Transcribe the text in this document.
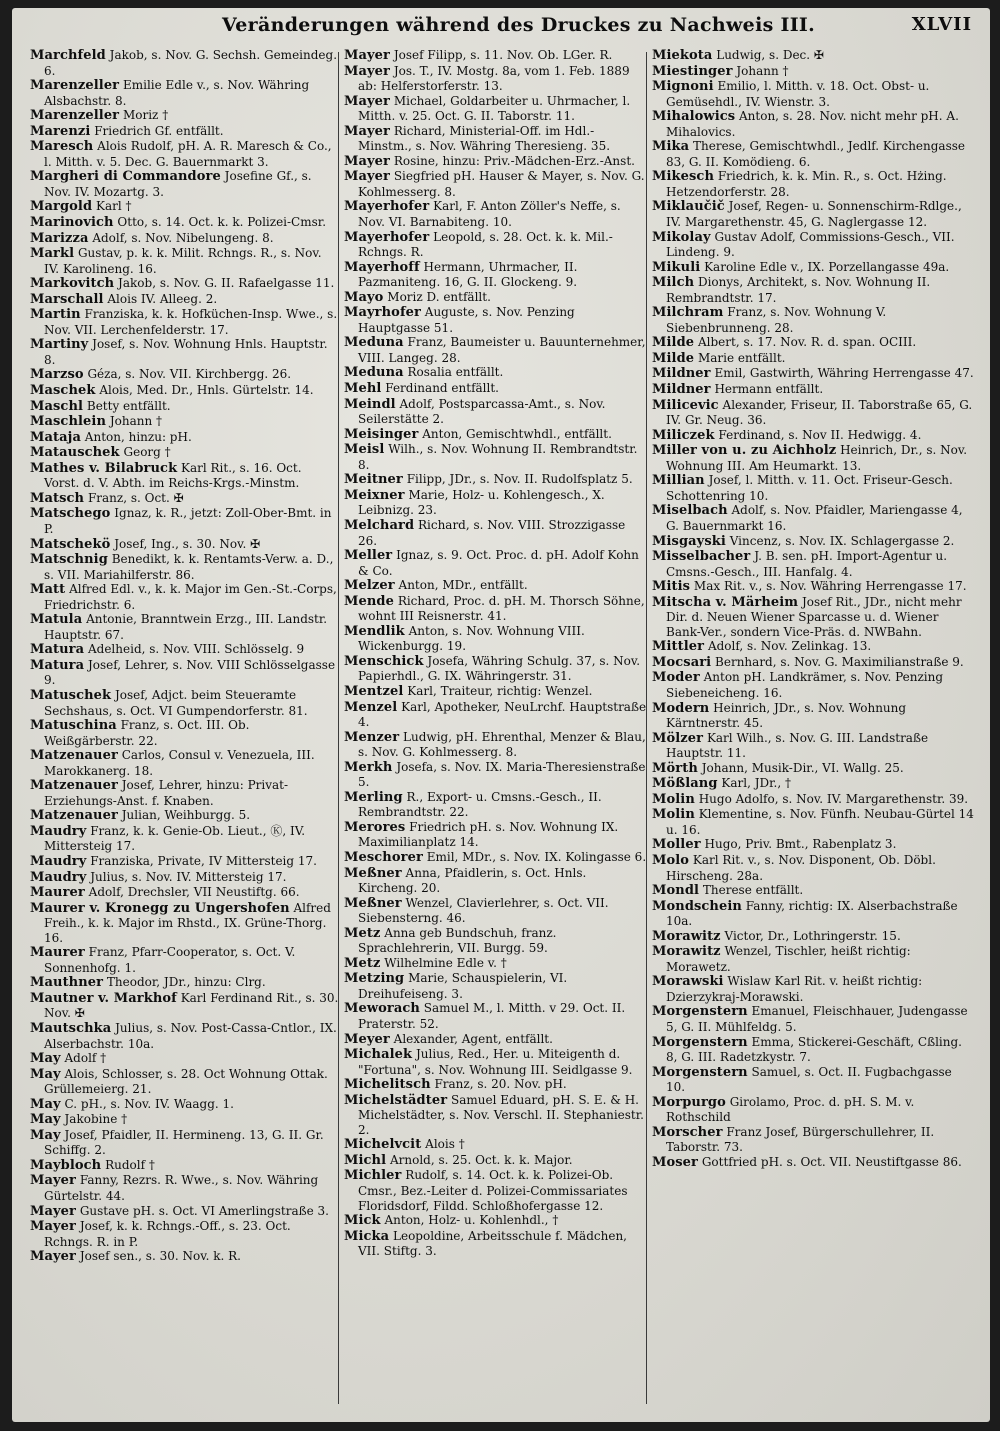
Veränderungen während des Druckes zu Nachweis III.	XLVII

Marchfeld Jakob, s. Nov. G. Sechsh. Gemeindeg. 6.

Marenzeller Emilie Edle v., s. Nov. Währing Alsbachstr. 8.

Marenzeller Moriz †

Marenzi Friedrich Gf. entfällt.

Maresch Alois Rudolf, pH. A. R. Maresch & Co., l. Mitth. v. 5. Dec. G. Bauernmarkt 3.

Margheri di Commandore Josefine Gf., s. Nov. IV. Mozartg. 3.

Margold Karl †

Marinovich Otto, s. 14. Oct. k. k. Polizei-Cmsr.

Marizza Adolf, s. Nov. Nibelungeng. 8.

Markl Gustav, p. k. k. Milit. Rchngs. R., s. Nov. IV. Karolineng. 16.

Markovitch Jakob, s. Nov. G. II. Rafaelgasse 11.

Marschall Alois IV. Alleeg. 2.

Martin Franziska, k. k. Hofküchen-Insp. Wwe., s. Nov. VII. Lerchenfelderstr. 17.

Martiny Josef, s. Nov. Wohnung Hnls. Hauptstr. 8.

Marzso Géza, s. Nov. VII. Kirchbergg. 26.

Maschek Alois, Med. Dr., Hnls. Gürtelstr. 14.

Maschl Betty entfällt.

Maschlein Johann †

Mataja Anton, hinzu: pH.

Matauschek Georg †

Mathes v. Bilabruck Karl Rit., s. 16. Oct. Vorst. d. V. Abth. im Reichs-Krgs.-Minstm.

Matsch Franz, s. Oct. ✠

Matschego Ignaz, k. R., jetzt: Zoll-Ober-Bmt. in P.

Matschekö Josef, Ing., s. 30. Nov. ✠

Matschnig Benedikt, k. k. Rentamts-Verw. a. D., s. VII. Mariahilferstr. 86.

Matt Alfred Edl. v., k. k. Major im Gen.-St.-Corps, Friedrichstr. 6.

Matula Antonie, Branntwein Erzg., III. Landstr. Hauptstr. 67.

Matura Adelheid, s. Nov. VIII. Schlösselg. 9

Matura Josef, Lehrer, s. Nov. VIII Schlösselgasse 9.

Matuschek Josef, Adjct. beim Steueramte Sechshaus, s. Oct. VI Gumpendorferstr. 81.

Matuschina Franz, s. Oct. III. Ob. Weißgärberstr. 22.

Matzenauer Carlos, Consul v. Venezuela, III. Marokkanerg. 18.

Matzenauer Josef, Lehrer, hinzu: Privat-Erziehungs-Anst. f. Knaben.

Matzenauer Julian, Weihburgg. 5.

Maudry Franz, k. k. Genie-Ob. Lieut., Ⓚ, IV. Mittersteig 17.

Maudry Franziska, Private, IV Mittersteig 17.

Maudry Julius, s. Nov. IV. Mittersteig 17.

Maurer Adolf, Drechsler, VII Neustiftg. 66.

Maurer v. Kronegg zu Ungershofen Alfred Freih., k. k. Major im Rhstd., IX. Grüne-Thorg. 16.

Maurer Franz, Pfarr-Cooperator, s. Oct. V. Sonnenhofg. 1.

Mauthner Theodor, JDr., hinzu: Clrg.

Mautner v. Markhof Karl Ferdinand Rit., s. 30. Nov. ✠

Mautschka Julius, s. Nov. Post-Cassa-Cntlor., IX. Alserbachstr. 10a.

May Adolf †

May Alois, Schlosser, s. 28. Oct Wohnung Ottak. Grüllemeierg. 21.

May C. pH., s. Nov. IV. Waagg. 1.

May Jakobine †

May Josef, Pfaidler, II. Hermineng. 13, G. II. Gr. Schiffg. 2.

Maybloch Rudolf †

Mayer Fanny, Rezrs. R. Wwe., s. Nov. Währing Gürtelstr. 44.

Mayer Gustave pH. s. Oct. VI Amerlingstraße 3.

Mayer Josef, k. k. Rchngs.-Off., s. 23. Oct. Rchngs. R. in P.

Mayer Josef sen., s. 30. Nov. k. R.

Mayer Josef Filipp, s. 11. Nov. Ob. LGer. R.

Mayer Jos. T., IV. Mostg. 8a, vom 1. Feb. 1889 ab: Helferstorferstr. 13.

Mayer Michael, Goldarbeiter u. Uhrmacher, l. Mitth. v. 25. Oct. G. II. Taborstr. 11.

Mayer Richard, Ministerial-Off. im Hdl.-Minstm., s. Nov. Währing Theresieng. 35.

Mayer Rosine, hinzu: Priv.-Mädchen-Erz.-Anst.

Mayer Siegfried pH. Hauser & Mayer, s. Nov. G. Kohlmesserg. 8.

Mayerhofer Karl, F. Anton Zöller's Neffe, s. Nov. VI. Barnabiteng. 10.

Mayerhofer Leopold, s. 28. Oct. k. k. Mil.-Rchngs. R.

Mayerhoff Hermann, Uhrmacher, II. Pazmaniteng. 16, G. II. Glockeng. 9.

Mayo Moriz D. entfällt.

Mayrhofer Auguste, s. Nov. Penzing Hauptgasse 51.

Meduna Franz, Baumeister u. Bauunternehmer, VIII. Langeg. 28.

Meduna Rosalia entfällt.

Mehl Ferdinand entfällt.

Meindl Adolf, Postsparcassa-Amt., s. Nov. Seilerstätte 2.

Meisinger Anton, Gemischtwhdl., entfällt.

Meisl Wilh., s. Nov. Wohnung II. Rembrandtstr. 8.

Meitner Filipp, JDr., s. Nov. II. Rudolfsplatz 5.

Meixner Marie, Holz- u. Kohlengesch., X. Leibnizg. 23.

Melchard Richard, s. Nov. VIII. Strozzigasse 26.

Meller Ignaz, s. 9. Oct. Proc. d. pH. Adolf Kohn & Co.

Melzer Anton, MDr., entfällt.

Mende Richard, Proc. d. pH. M. Thorsch Söhne, wohnt III Reisnerstr. 41.

Mendlik Anton, s. Nov. Wohnung VIII. Wickenburgg. 19.

Menschick Josefa, Währing Schulg. 37, s. Nov. Papierhdl., G. IX. Währingerstr. 31.

Mentzel Karl, Traiteur, richtig: Wenzel.

Menzel Karl, Apotheker, NeuLrchf. Hauptstraße 4.

Menzer Ludwig, pH. Ehrenthal, Menzer & Blau, s. Nov. G. Kohlmesserg. 8.

Merkh Josefa, s. Nov. IX. Maria-Theresienstraße 5.

Merling R., Export- u. Cmsns.-Gesch., II. Rembrandtstr. 22.

Merores Friedrich pH. s. Nov. Wohnung IX. Maximilianplatz 14.

Meschorer Emil, MDr., s. Nov. IX. Kolingasse 6.

Meßner Anna, Pfaidlerin, s. Oct. Hnls. Kircheng. 20.

Meßner Wenzel, Clavierlehrer, s. Oct. VII. Siebensterng. 46.

Metz Anna geb Bundschuh, franz. Sprachlehrerin, VII. Burgg. 59.

Metz Wilhelmine Edle v. †

Metzing Marie, Schauspielerin, VI. Dreihufeiseng. 3.

Meworach Samuel M., l. Mitth. v 29. Oct. II. Praterstr. 52.

Meyer Alexander, Agent, entfällt.

Michalek Julius, Red., Her. u. Miteigenth d. "Fortuna", s. Nov. Wohnung III. Seidlgasse 9.

Michelitsch Franz, s. 20. Nov. pH.

Michelstädter Samuel Eduard, pH. S. E. & H. Michelstädter, s. Nov. Verschl. II. Stephaniestr. 2.

Michelvcit Alois †

Michl Arnold, s. 25. Oct. k. k. Major.

Michler Rudolf, s. 14. Oct. k. k. Polizei-Ob. Cmsr., Bez.-Leiter d. Polizei-Commissariates Floridsdorf, Fildd. Schloßhofergasse 12.

Mick Anton, Holz- u. Kohlenhdl., †

Micka Leopoldine, Arbeitsschule f. Mädchen, VII. Stiftg. 3.

Miekota Ludwig, s. Dec. ✠

Miestinger Johann †

Mignoni Emilio, l. Mitth. v. 18. Oct. Obst- u. Gemüsehdl., IV. Wienstr. 3.

Mihalowics Anton, s. 28. Nov. nicht mehr pH. A. Mihalovics.

Mika Therese, Gemischtwhdl., Jedlf. Kirchengasse 83, G. II. Komödieng. 6.

Mikesch Friedrich, k. k. Min. R., s. Oct. Hżing. Hetzendorferstr. 28.

Miklaučič Josef, Regen- u. Sonnenschirm-Rdlge., IV. Margarethenstr. 45, G. Naglergasse 12.

Mikolay Gustav Adolf, Commissions-Gesch., VII. Lindeng. 9.

Mikuli Karoline Edle v., IX. Porzellangasse 49a.

Milch Dionys, Architekt, s. Nov. Wohnung II. Rembrandtstr. 17.

Milchram Franz, s. Nov. Wohnung V. Siebenbrunneng. 28.

Milde Albert, s. 17. Nov. R. d. span. OCIII.

Milde Marie entfällt.

Mildner Emil, Gastwirth, Währing Herrengasse 47.

Mildner Hermann entfällt.

Milicevic Alexander, Friseur, II. Taborstraße 65, G. IV. Gr. Neug. 36.

Miliczek Ferdinand, s. Nov II. Hedwigg. 4.

Miller von u. zu Aichholz Heinrich, Dr., s. Nov. Wohnung III. Am Heumarkt. 13.

Millian Josef, l. Mitth. v. 11. Oct. Friseur-Gesch. Schottenring 10.

Miselbach Adolf, s. Nov. Pfaidler, Mariengasse 4, G. Bauernmarkt 16.

Misgayski Vincenz, s. Nov. IX. Schlagergasse 2.

Misselbacher J. B. sen. pH. Import-Agentur u. Cmsns.-Gesch., III. Hanfalg. 4.

Mitis Max Rit. v., s. Nov. Währing Herrengasse 17.

Mitscha v. Märheim Josef Rit., JDr., nicht mehr Dir. d. Neuen Wiener Sparcasse u. d. Wiener Bank-Ver., sondern Vice-Präs. d. NWBahn.

Mittler Adolf, s. Nov. Zelinkag. 13.

Mocsari Bernhard, s. Nov. G. Maximilianstraße 9.

Moder Anton pH. Landkrämer, s. Nov. Penzing Siebeneicheng. 16.

Modern Heinrich, JDr., s. Nov. Wohnung Kärntnerstr. 45.

Mölzer Karl Wilh., s. Nov. G. III. Landstraße Hauptstr. 11.

Mörth Johann, Musik-Dir., VI. Wallg. 25.

Mößlang Karl, JDr., †

Molin Hugo Adolfo, s. Nov. IV. Margarethenstr. 39.

Molin Klementine, s. Nov. Fünfh. Neubau-Gürtel 14 u. 16.

Moller Hugo, Priv. Bmt., Rabenplatz 3.

Molo Karl Rit. v., s. Nov. Disponent, Ob. Döbl. Hirscheng. 28a.

Mondl Therese entfällt.

Mondschein Fanny, richtig: IX. Alserbachstraße 10a.

Morawitz Victor, Dr., Lothringerstr. 15.

Morawitz Wenzel, Tischler, heißt richtig: Morawetz.

Morawski Wislaw Karl Rit. v. heißt richtig: Dzierzykraj-Morawski.

Morgenstern Emanuel, Fleischhauer, Judengasse 5, G. II. Mühlfeldg. 5.

Morgenstern Emma, Stickerei-Geschäft, Cßling. 8, G. III. Radetzkystr. 7.

Morgenstern Samuel, s. Oct. II. Fugbachgasse 10.

Morpurgo Girolamo, Proc. d. pH. S. M. v. Rothschild

Morscher Franz Josef, Bürgerschullehrer, II. Taborstr. 73.

Moser Gottfried pH. s. Oct. VII. Neustiftgasse 86.
